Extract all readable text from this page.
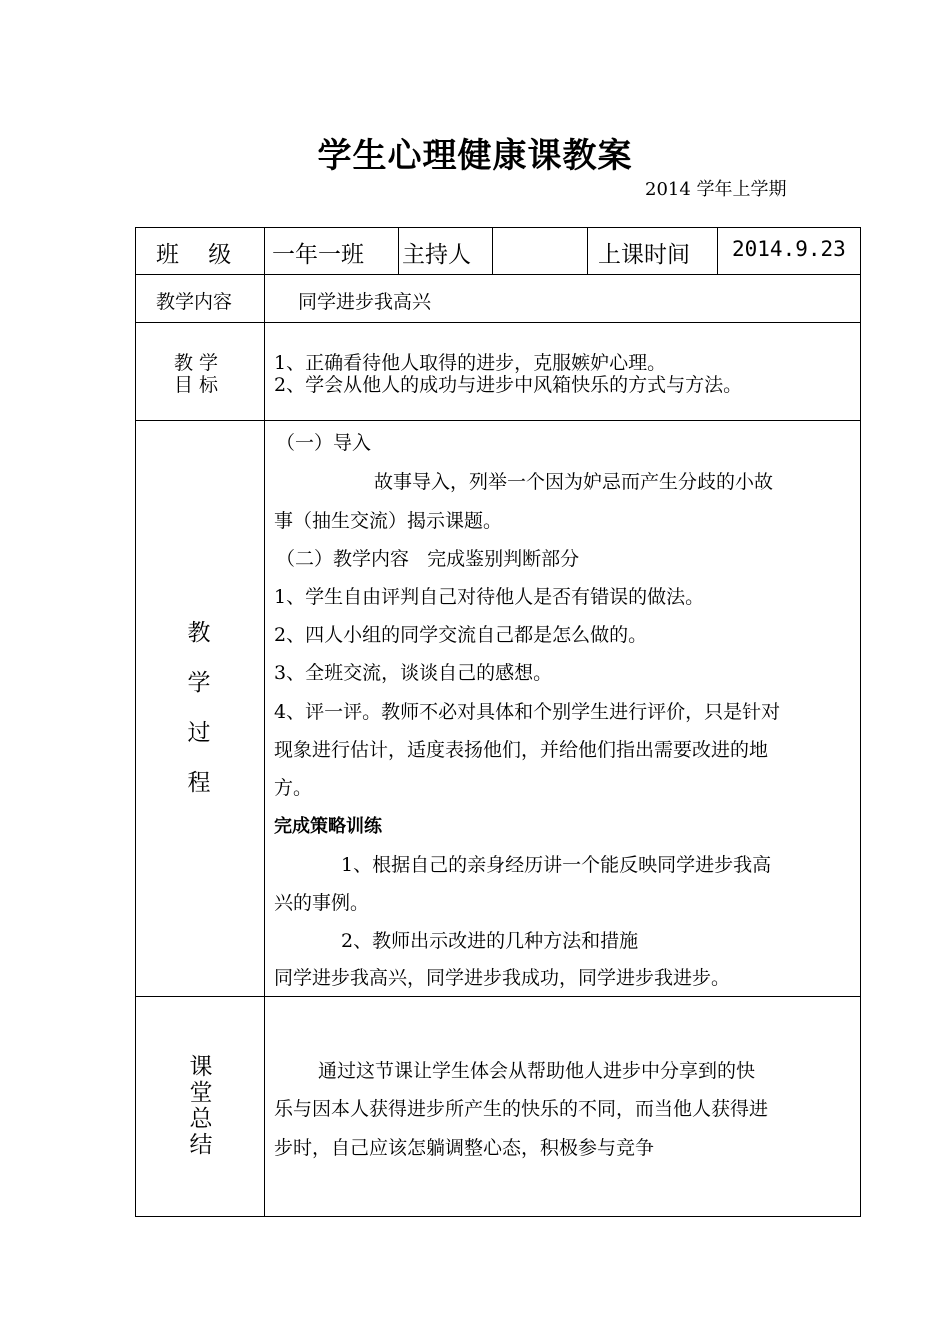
学生心理健康课教案
2014 学年上学期
班    级 一年一班 主持人	上课时间 2014.9.23
教学内容	同学进步我高兴
教 学
目 标
1、正确看待他人取得的进步，克服嫉妒心理。
2、学会从他人的成功与进步中风箱快乐的方式与方法。
教
学
过
程
（一）导入
故事导入，列举一个因为妒忌而产生分歧的小故
事（抽生交流）揭示课题。
（二）教学内容   完成鉴别判断部分
1、学生自由评判自己对待他人是否有错误的做法。
2、四人小组的同学交流自己都是怎么做的。
3、全班交流，谈谈自己的感想。
4、评一评。教师不必对具体和个别学生进行评价，只是针对
现象进行估计，适度表扬他们，并给他们指出需要改进的地
方。
完成策略训练
1、根据自己的亲身经历讲一个能反映同学进步我高
兴的事例。
2、教师出示改进的几种方法和措施
同学进步我高兴，同学进步我成功，同学进步我进步。
课
堂
总
结
通过这节课让学生体会从帮助他人进步中分享到的快
乐与因本人获得进步所产生的快乐的不同，而当他人获得进
步时，自己应该怎躺调整心态，积极参与竞争
